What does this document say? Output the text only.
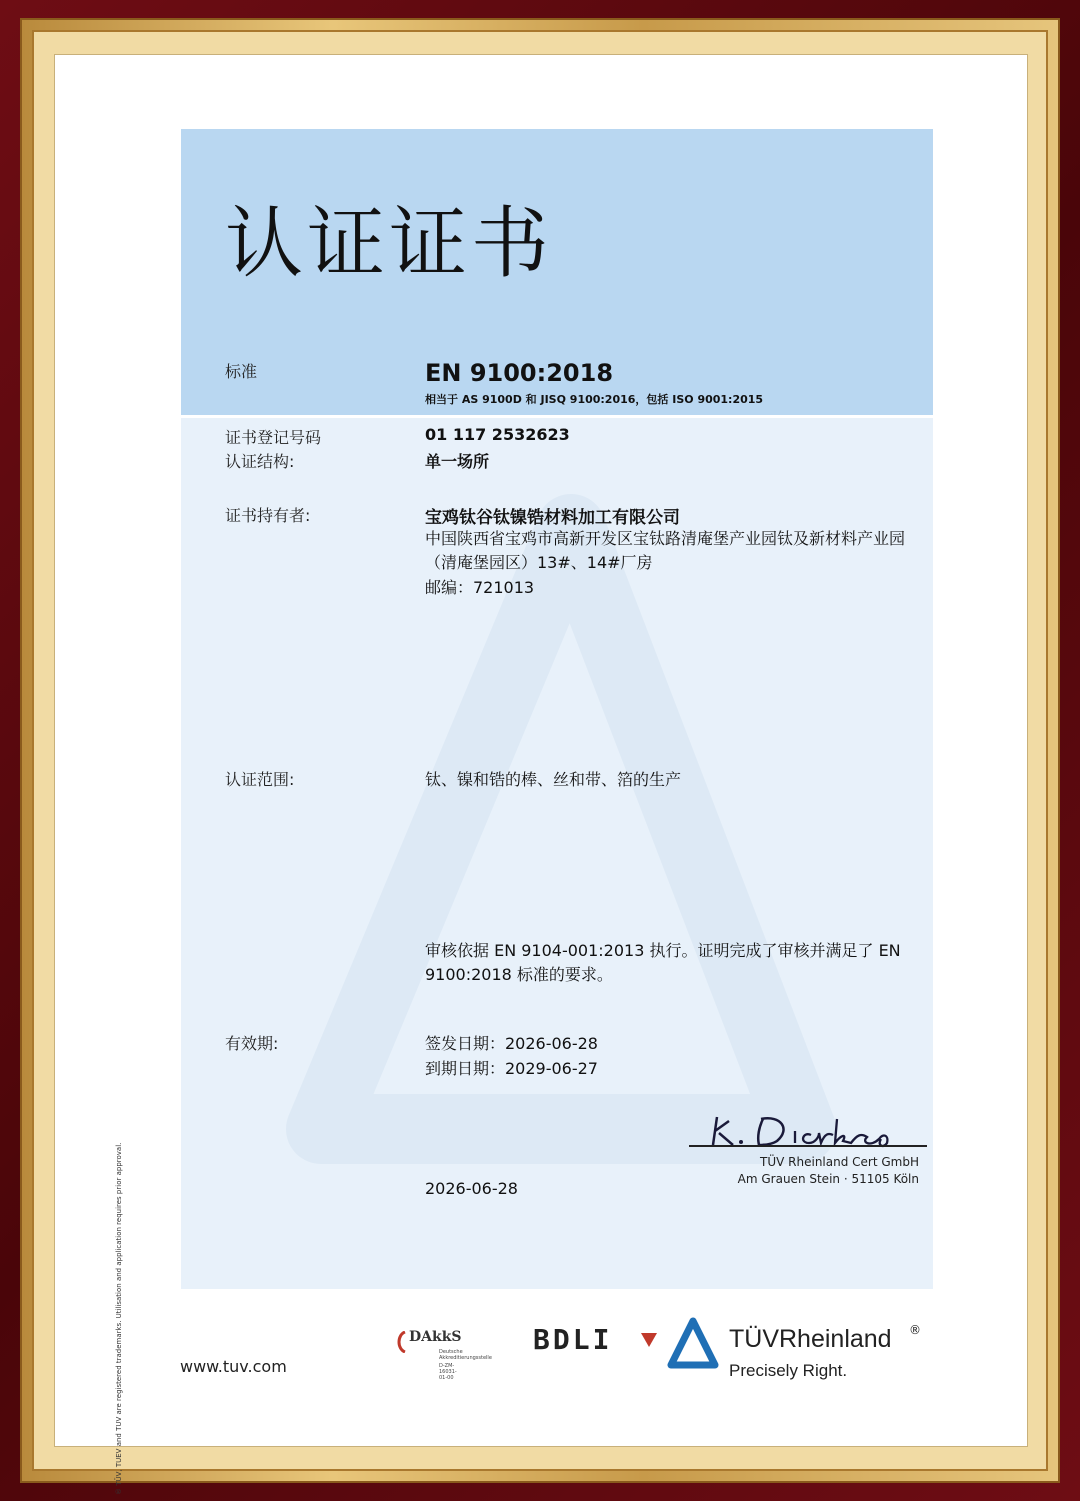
® TÜV, TUEV and TUV are registered trademarks. Utilisation and application requires prior approval.
认证证书
标准	EN 9100:2018
相当于 AS 9100D 和 JISQ 9100:2016，包括 ISO 9001:2015
证书登记号码	01 117 2532623
认证结构:	单一场所
证书持有者:	宝鸡钛谷钛镍锆材料加工有限公司
中国陕西省宝鸡市高新开发区宝钛路清庵堡产业园钛及新材料产业园（清庵堡园区）13#、14#厂房
邮编：721013
认证范围:	钛、镍和锆的棒、丝和带、箔的生产
审核依据 EN 9104-001:2013 执行。证明完成了审核并满足了 EN 9100:2018 标准的要求。
有效期:	签发日期：2026-06-28
到期日期：2029-06-27
2026-06-28
TÜV Rheinland Cert GmbH
Am Grauen Stein · 51105 Köln
www.tuv.com
DAkkS
Deutsche
Akkreditierungsstelle
D-ZM-16031-01-00
BDLI	TÜVRheinland ®
Precisely Right.
